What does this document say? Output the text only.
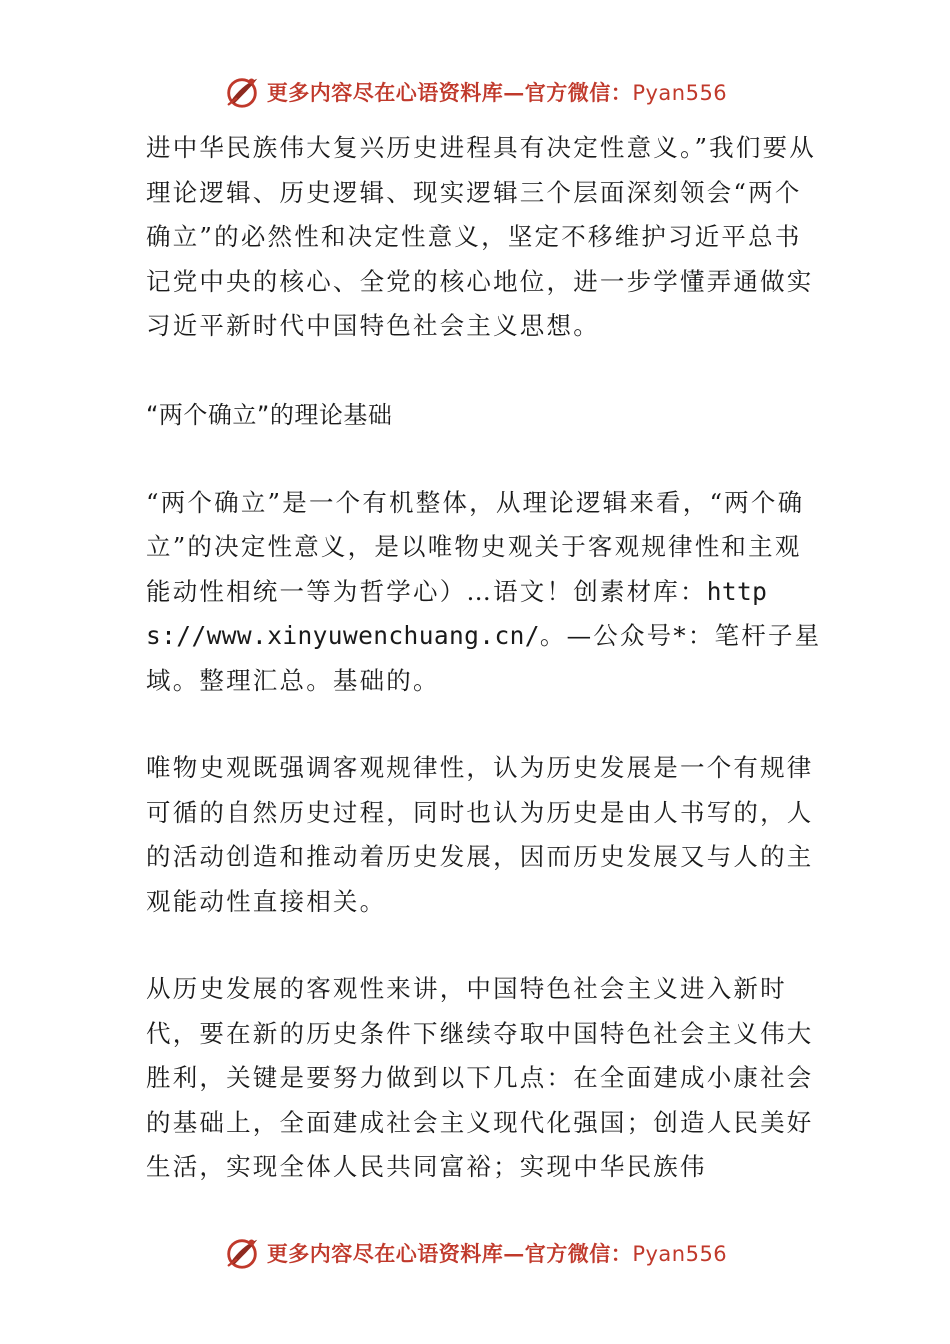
更多内容尽在心语资料库—官方微信：Pyan556

进中华民族伟大复兴历史进程具有决定性意义。”我们要从理论逻辑、历史逻辑、现实逻辑三个层面深刻领会“两个确立”的必然性和决定性意义，坚定不移维护习近平总书记党中央的核心、全党的核心地位，进一步学懂弄通做实习近平新时代中国特色社会主义思想。

“两个确立”的理论基础

“两个确立”是一个有机整体，从理论逻辑来看，“两个确立”的决定性意义，是以唯物史观关于客观规律性和主观能动性相统一等为哲学心）…语文！创素材库：https://www.xinyuwenchuang.cn/。—公众号*：笔杆子星域。整理汇总。基础的。

唯物史观既强调客观规律性，认为历史发展是一个有规律可循的自然历史过程，同时也认为历史是由人书写的，人的活动创造和推动着历史发展，因而历史发展又与人的主观能动性直接相关。

从历史发展的客观性来讲，中国特色社会主义进入新时代，要在新的历史条件下继续夺取中国特色社会主义伟大胜利，关键是要努力做到以下几点：在全面建成小康社会的基础上，全面建成社会主义现代化强国；创造人民美好生活，实现全体人民共同富裕；实现中华民族伟

更多内容尽在心语资料库—官方微信：Pyan556
